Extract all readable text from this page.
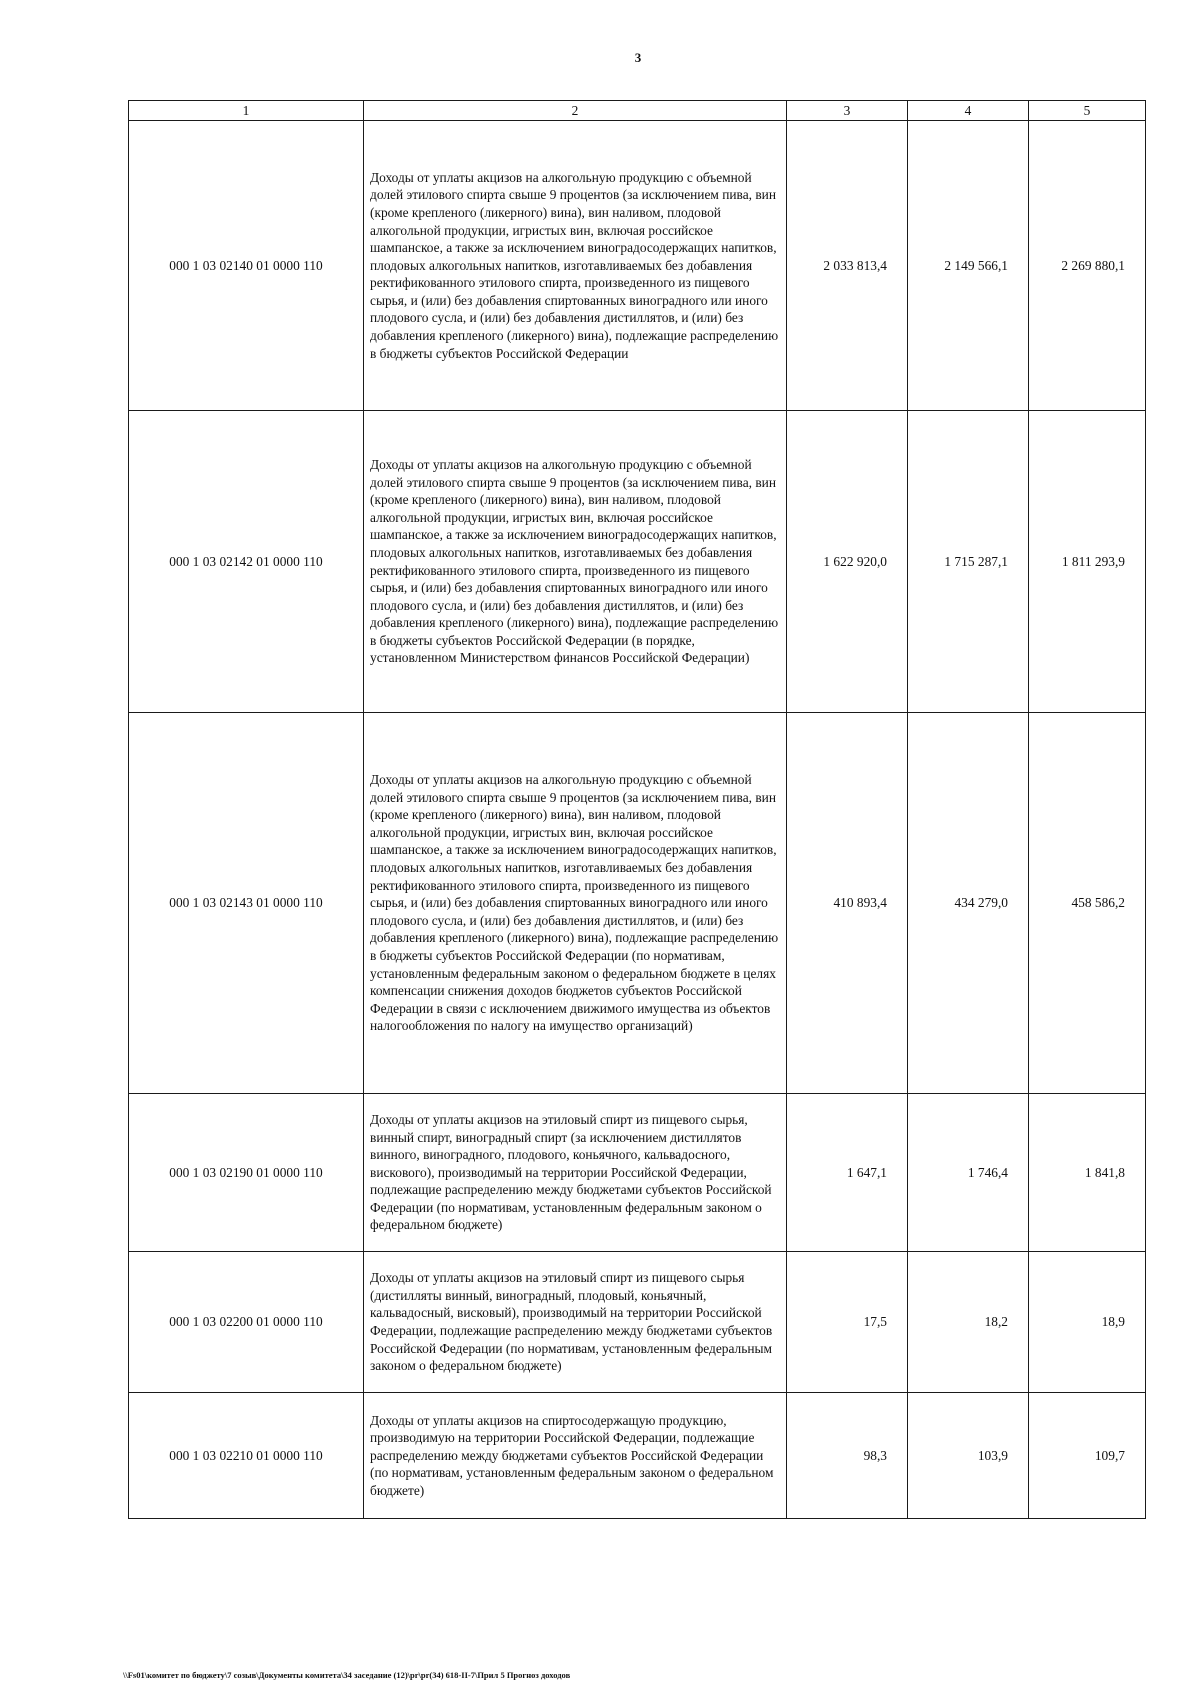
3
1	2	3	4	5
000 1 03 02140 01 0000 110	Доходы от уплаты акцизов на алкогольную продукцию с объемной долей этилового спирта свыше 9 процентов (за исключением пива, вин (кроме крепленого (ликерного) вина), вин наливом, плодовой алкогольной продукции, игристых вин, включая российское шампанское, а также за исключением виноградосодержащих напитков, плодовых алкогольных напитков, изготавливаемых без добавления ректификованного этилового спирта, произведенного из пищевого сырья, и (или) без добавления спиртованных виноградного или иного плодового сусла, и (или) без добавления дистиллятов, и (или) без добавления крепленого (ликерного) вина), подлежащие распределению в бюджеты субъектов Российской Федерации	2 033 813,4	2 149 566,1	2 269 880,1
000 1 03 02142 01 0000 110	Доходы от уплаты акцизов на алкогольную продукцию с объемной долей этилового спирта свыше 9 процентов (за исключением пива, вин (кроме крепленого (ликерного) вина), вин наливом, плодовой алкогольной продукции, игристых вин, включая российское шампанское, а также за исключением виноградосодержащих напитков, плодовых алкогольных напитков, изготавливаемых без добавления ректификованного этилового спирта, произведенного из пищевого сырья, и (или) без добавления спиртованных виноградного или иного плодового сусла, и (или) без добавления дистиллятов, и (или) без добавления крепленого (ликерного) вина), подлежащие распределению в бюджеты субъектов Российской Федерации (в порядке, установленном Министерством финансов Российской Федерации)	1 622 920,0	1 715 287,1	1 811 293,9
000 1 03 02143 01 0000 110	Доходы от уплаты акцизов на алкогольную продукцию с объемной долей этилового спирта свыше 9 процентов (за исключением пива, вин (кроме крепленого (ликерного) вина), вин наливом, плодовой алкогольной продукции, игристых вин, включая российское шампанское, а также за исключением виноградосодержащих напитков, плодовых алкогольных напитков, изготавливаемых без добавления ректификованного этилового спирта, произведенного из пищевого сырья, и (или) без добавления спиртованных виноградного или иного плодового сусла, и (или) без добавления дистиллятов, и (или) без добавления крепленого (ликерного) вина), подлежащие распределению в бюджеты субъектов Российской Федерации (по нормативам, установленным федеральным законом о федеральном бюджете в целях компенсации снижения доходов бюджетов субъектов Российской Федерации в связи с исключением движимого имущества из объектов налогообложения по налогу на имущество организаций)	410 893,4	434 279,0	458 586,2
000 1 03 02190 01 0000 110	Доходы от уплаты акцизов на этиловый спирт из пищевого сырья, винный спирт, виноградный спирт (за исключением дистиллятов винного, виноградного, плодового, коньячного, кальвадосного, вискового), производимый на территории Российской Федерации, подлежащие распределению между бюджетами субъектов Российской Федерации (по нормативам, установленным федеральным законом о федеральном бюджете)	1 647,1	1 746,4	1 841,8
000 1 03 02200 01 0000 110	Доходы от уплаты акцизов на этиловый спирт из пищевого сырья (дистилляты винный, виноградный, плодовый, коньячный, кальвадосный, висковый), производимый на территории Российской Федерации, подлежащие распределению между бюджетами субъектов Российской Федерации (по нормативам, установленным федеральным законом о федеральном бюджете)	17,5	18,2	18,9
000 1 03 02210 01 0000 110	Доходы от уплаты акцизов на спиртосодержащую продукцию, производимую на территории Российской Федерации, подлежащие распределению между бюджетами субъектов Российской Федерации (по нормативам, установленным федеральным законом о федеральном бюджете)	98,3	103,9	109,7
\\Fs01\комитет по бюджету\7 созыв\Документы комитета\34 заседание (12)\pr\pr(34) 618-II-7\Прил 5 Прогноз доходов
